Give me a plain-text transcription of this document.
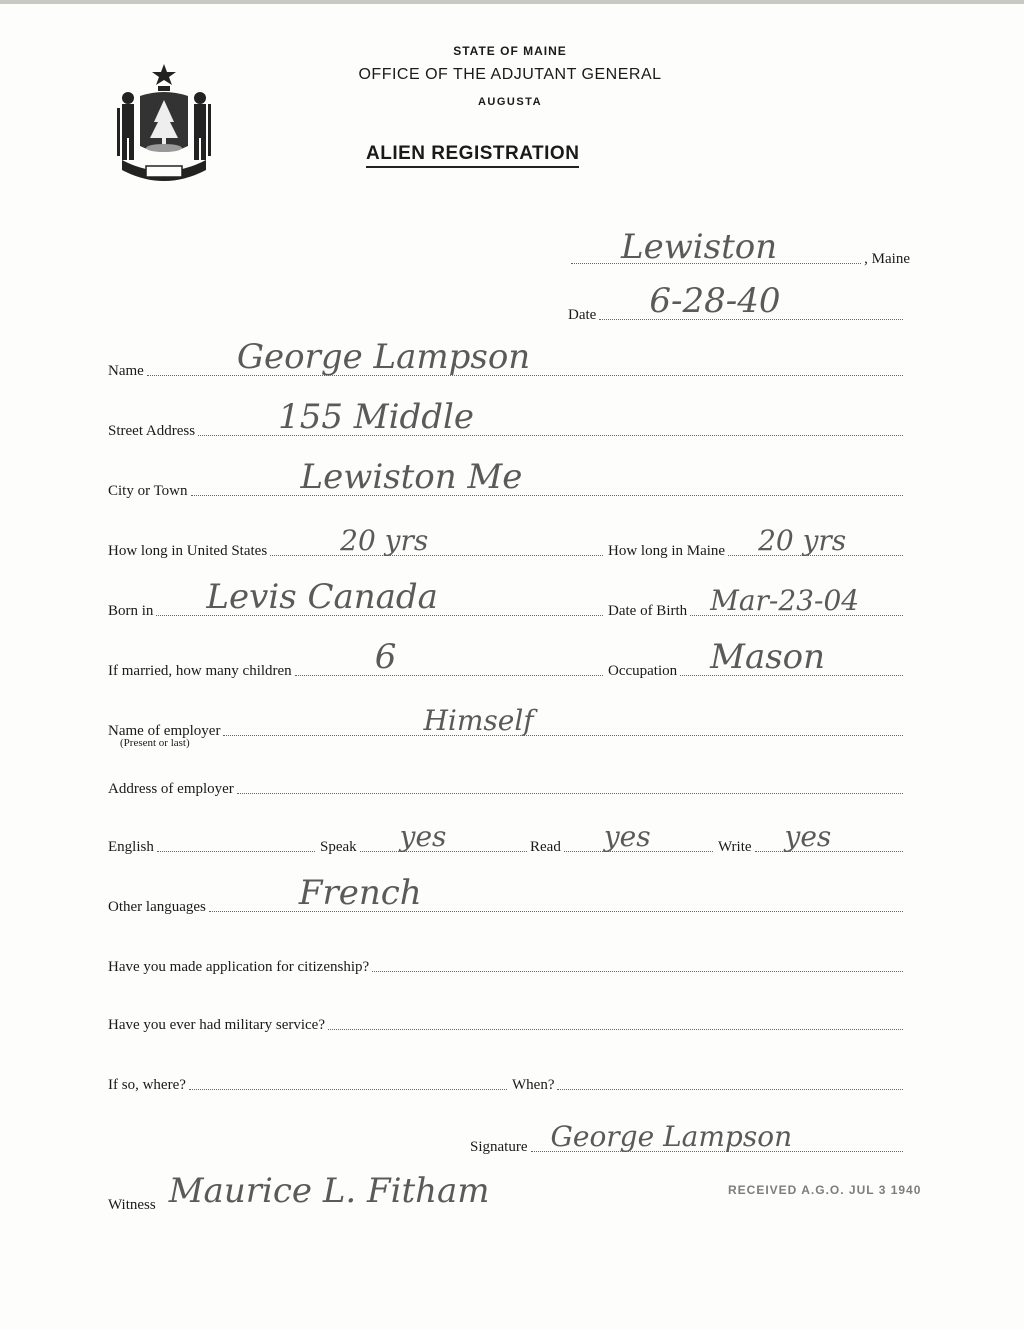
STATE OF MAINE
OFFICE OF THE ADJUTANT GENERAL
AUGUSTA
ALIEN REGISTRATION
Lewiston	, Maine
Date 6-28-40
Name	George Lampson
Street Address 155 Middle
City or Town	Lewiston Me
How long in United States	20 yrs	How long in Maine 20 yrs
Born in Levis Canada	Date of Birth Mar-23-04
If married, how many children 6	Occupation Mason
Name of employer	Himself
(Present or last)
Address of employer
English	Speak yes	Read yes	Write yes
Other languages	French
Have you made application for citizenship?
Have you ever had military service?
If so, where?	When?
Signature George Lampson
Witness Maurice L. Fitham	RECEIVED A.G.O. JUL 3 1940
